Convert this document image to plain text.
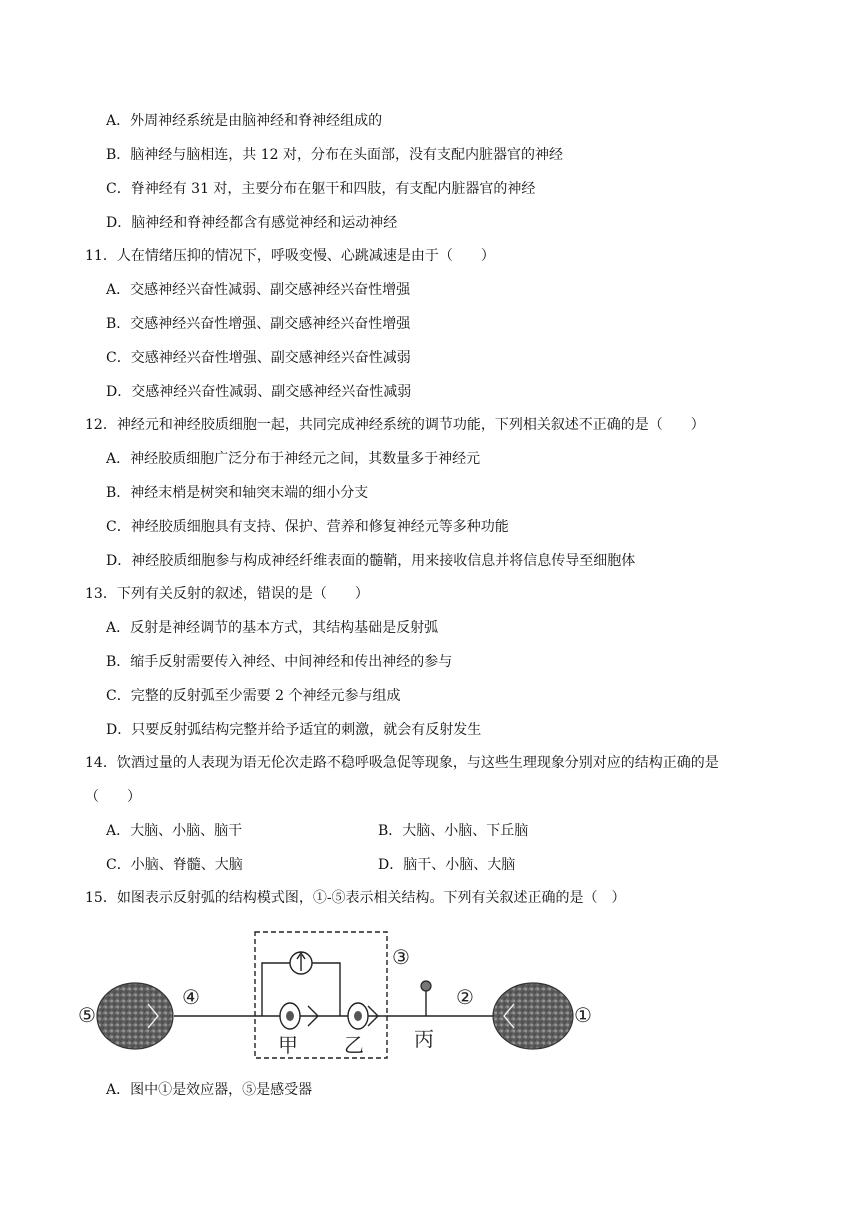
A．外周神经系统是由脑神经和脊神经组成的
B．脑神经与脑相连，共 12 对，分布在头面部，没有支配内脏器官的神经
C．脊神经有 31 对，主要分布在躯干和四肢，有支配内脏器官的神经
D．脑神经和脊神经都含有感觉神经和运动神经
11．人在情绪压抑的情况下，呼吸变慢、心跳减速是由于（　　）
A．交感神经兴奋性减弱、副交感神经兴奋性增强
B．交感神经兴奋性增强、副交感神经兴奋性增强
C．交感神经兴奋性增强、副交感神经兴奋性减弱
D．交感神经兴奋性减弱、副交感神经兴奋性减弱
12．神经元和神经胶质细胞一起，共同完成神经系统的调节功能，下列相关叙述不正确的是（　　）
A．神经胶质细胞广泛分布于神经元之间，其数量多于神经元
B．神经末梢是树突和轴突末端的细小分支
C．神经胶质细胞具有支持、保护、营养和修复神经元等多种功能
D．神经胶质细胞参与构成神经纤维表面的髓鞘，用来接收信息并将信息传导至细胞体
13．下列有关反射的叙述，错误的是（　　）
A．反射是神经调节的基本方式，其结构基础是反射弧
B．缩手反射需要传入神经、中间神经和传出神经的参与
C．完整的反射弧至少需要 2 个神经元参与组成
D．只要反射弧结构完整并给予适宜的刺激，就会有反射发生
14．饮酒过量的人表现为语无伦次走路不稳呼吸急促等现象，与这些生理现象分别对应的结构正确的是
（　　）
A．大脑、小脑、脑干	B．大脑、小脑、下丘脑
C．小脑、脊髓、大脑	D．脑干、小脑、大脑
15．如图表示反射弧的结构模式图，①-⑤表示相关结构。下列有关叙述正确的是（　）
⑤
④
③
②
①
甲 乙	丙
A．图中①是效应器，⑤是感受器
